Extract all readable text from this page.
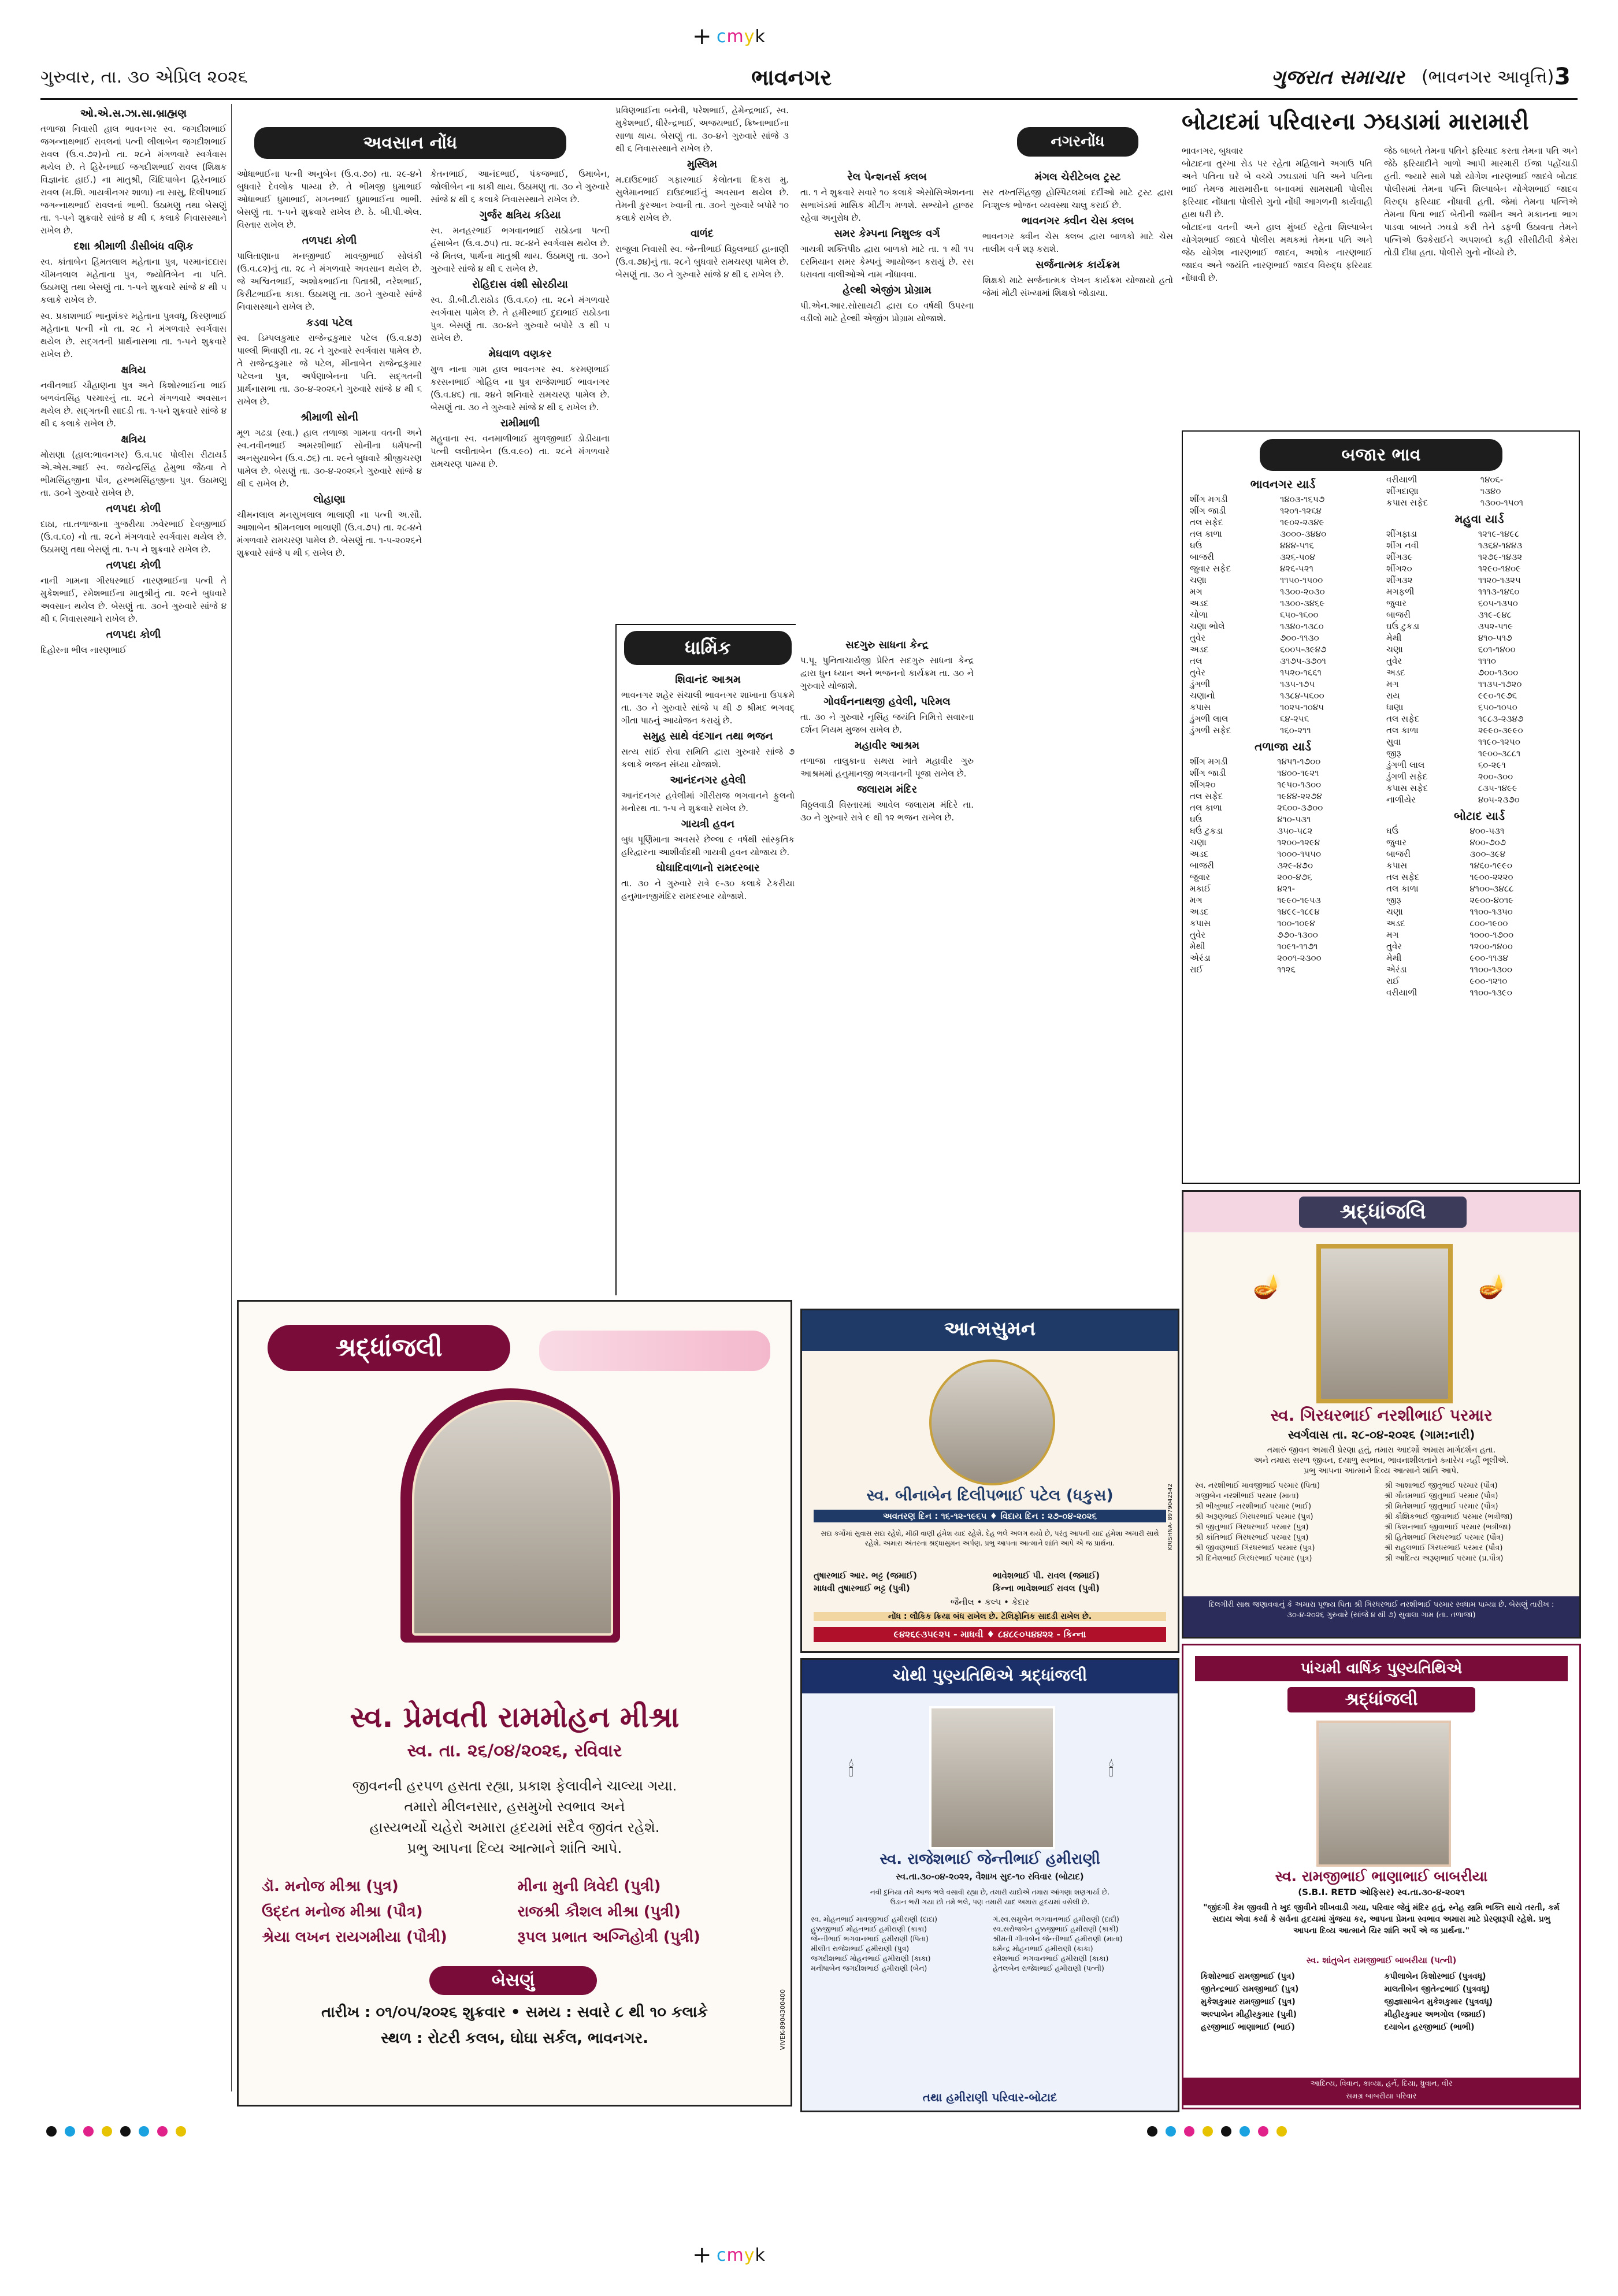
+ cmyk
ગુરુવાર, તા. ૩૦ એપ્રિલ ૨૦૨૬	ભાવનગર	ગુજરાત સમાચાર (ભાવનગર આવૃત્તિ) 3
ઓ.એ.સ.ઝા.સા.બ્રાહ્મણ

તળાજા નિવાસી હાલ ભાવનગર સ્વ. જગદીશભાઈ જગન્નાથભાઈ રાવલનાં પત્ની લીલાબેન જગદીશભાઈ રાવલ (ઉ.વ.૭૨)નો તા. ૨૮ને મંગળવારે સ્વર્ગવાસ થયેલ છે. તે હિરેનભાઈ જગદીશભાઈ રાવલ (શિક્ષક વિજ્ઞાનંદ હાઈ.) ના માતુશ્રી, ચિંદિપાબેન હિરેનભાઈ રાવલ (મ.શિ. ગાયત્રીનગર શાળા) ના સાસુ, દિલીપભાઈ જગન્નાથભાઈ રાવલનાં ભાભી. ઉઠામણુ તથા બેસણું તા. ૧-૫ને શુક્રવારે સાંજે ૪ થી ૬ કલાકે નિવાસસ્થાને રાખેલ છે.

દશા શ્રીમાળી ડીસીબંધ વણિક

સ્વ. કાંતાબેન હિંમતલાલ મહેતાના પુત્ર, પરમાનંદદાસ ચીમનલાલ મહેતાના પુત્ર, જ્યોતિબેન ના પતિ. ઉઠામણુ તથા બેસણું તા. ૧-૫ને શુક્રવારે સાંજે ૪ થી ૫ કલાકે રાખેલ છે.

સ્વ. પ્રકાશભાઈ ભાનુશંકર મહેતાના પુત્રવધૂ, કિરણભાઈ મહેતાના પત્ની નો તા. ૨૮ ને મંગળવારે સ્વર્ગવાસ થયેલ છે. સદ્ગતની પ્રાર્થનાસભા તા. ૧-૫ને શુક્રવારે રાખેલ છે.

ક્ષત્રિય

નવીનભાઈ ચૌહાણના પુત્ર અને કિશોરભાઈના ભાઈ બળવંતસિંહ પરમારનું તા. ૨૮ને મંગળવારે અવસાન થયેલ છે. સદ્ગતની સાદડી તા. ૧-૫ને શુક્રવારે સાંજે ૪ થી ૬ કલાકે રાખેલ છે.

ક્ષત્રિય

મોરાણા (હાલ:ભાવનગર) ઉ.વ.૫૯ પોલીસ રીટાયર્ડ એ.એસ.આઈ સ્વ. જયેન્દ્રસિંહ હેમુભા જૈઠવા તે ભીમસિંહજીના પૌત્ર, હરભમસિંહજીના પુત્ર. ઉઠામણુ તા. ૩૦ને ગુરુવારે રાખેલ છે.

તળપદા કોળી

દાઠા, તા.તળાજાના ગુજરીયા ઝવેરભાઈ દેવજીભાઈ (ઉ.વ.૬૦) નો તા. ૨૮ને મંગળવારે સ્વર્ગવાસ થયેલ છે. ઉઠામણુ તથા બેસણું તા. ૧-૫ ને શુક્રવારે રાખેલ છે.

તળપદા કોળી

નાની ગામના ગીરધરભાઈ નારણભાઈના પત્ની તે મુકેશભાઈ, રમેશભાઈના માતુશ્રીનું તા. ૨૯ને બુધવારે અવસાન થયેલ છે. બેસણું તા. ૩૦ને ગુરુવારે સાંજે ૪ થી ૬ નિવાસસ્થાને રાખેલ છે.

તળપદા કોળી

દિહોરના ભીલ નારણભાઈ

અવસાન નોંધ

ઓધાભાઈના પત્ની અનુબેન (ઉ.વ.૭૦) તા. ૨૯-૪ને બુધવારે દેવલોક પામ્યા છે. તે ભીમજી ધુમાભાઈ ઓધાભાઈ ધુમાભાઈ, મગનભાઈ ધુમાભાઈના ભાભી. બેસણું તા. ૧-૫ને શુક્રવારે રાખેલ છે. ઠે. બી.પી.એલ. વિસ્તાર રાખેલ છે.

તળપદા કોળી

પાલિતાણાના મનજીભાઈ માવજીભાઈ સોલંકી (ઉ.વ.૮૨)નું તા. ૨૮ ને મંગળવારે અવસાન થયેલ છે. જે અશ્વિનભાઈ, અશોકભાઈના પિતાશ્રી, નરેશભાઈ, કિરીટભાઈના કાકા. ઉઠામણુ તા. ૩૦ને ગુરુવારે સાંજે નિવાસસ્થાને રાખેલ છે.

કડવા પટેલ

સ્વ. ડિમ્પલકુમાર રાજેન્દ્રકુમાર પટેલ (ઉ.વ.૪૭) પાલ્લી ભિવાણી તા. ૨૮ ને ગુરુવારે સ્વર્ગવાસ પામેલ છે. તે રાજેન્દ્રકુમાર જે પટેલ, મીનાબેન રાજેન્દ્રકુમાર પટેલના પુત્ર, અર્પણાબેનના પતિ. સદ્ગતની પ્રાર્થનાસભા તા. ૩૦-૪-૨૦૨૬ને ગુરુવારે સાંજે ૪ થી ૬ રાખેલ છે.

શ્રીમાળી સોની

મૂળ ગઢડા (સ્વા.) હાલ તળાજા ગામના વતની અને સ્વ.નવીનભાઈ અમરશીભાઈ સોનીના ધર્મપત્ની અનસુયાબેન (ઉ.વ.૭૬) તા. ૨૯ને બુધવારે શ્રીજીચરણ પામેલ છે. બેસણું તા. ૩૦-૪-૨૦૨૬ને ગુરુવારે સાંજે ૪ થી ૬ રાખેલ છે.

લોહાણા

ચીમનલાલ મનસુખલાલ ભાલાણી ના પત્ની અ.સૌ. આશાબેન શ્રીમનલાલ ભાલાણી (ઉ.વ.૭૫) તા. ૨૮-૪ને મંગળવારે રામચરણ પામેલ છે. બેસણું તા. ૧-૫-૨૦૨૬ને શુક્રવારે સાંજે ૫ થી ૬ રાખેલ છે.

કેતનભાઈ, આનંદભાઈ, પંકજભાઈ, ઉમાબેન, જોલીબેન ના કાકી થાય. ઉઠામણુ તા. ૩૦ ને ગુરુવારે સાંજે ૪ થી ૬ કલાકે નિવાસસ્થાને રાખેલ છે.

ગુર્જર ક્ષત્રિય કડિયા

સ્વ. મનહરભાઈ ભગવાનભાઈ રાઠોડના પત્ની હંસાબેન (ઉ.વ.૭૫) તા. ૨૮-૪ને સ્વર્ગવાસ થયેલ છે. જે મિતલ, પાર્થના માતુશ્રી થાય. ઉઠામણુ તા. ૩૦ને ગુરુવારે સાંજે ૪ થી ૬ રાખેલ છે.

રોહિદાસ વંશી સોરઠીયા

સ્વ. ડી.બી.ટી.રાઠોડ (ઉ.વ.૬૦) તા. ૨૮ને મંગળવારે સ્વર્ગવાસ પામેલ છે. તે હમીરભાઈ દુદાભાઈ રાઠોડના પુત્ર. બેસણું તા. ૩૦-૪ને ગુરુવારે બપોરે ૩ થી ૫ રાખેલ છે.

મેઘવાળ વણકર

મુળ નાના ગામ હાલ ભાવનગર સ્વ. કરમણભાઈ કરસનભાઈ ગોહિલ ના પુત્ર રાજેશભાઈ ભાવનગર (ઉ.વ.૪૬) તા. ૨૪ને શનિવારે રામચરણ પામેલ છે. બેસણું તા. ૩૦ ને ગુરુવારે સાંજે ૪ થી ૬ રાખેલ છે.

રામીમાળી

મહુવાના સ્વ. વનમાળીભાઈ મુળજીભાઈ ડોડીયાના પત્ની લલીતાબેન (ઉ.વ.૯૦) તા. ૨૮ને મંગળવારે રામચરણ પામ્યા છે.

પ્રવિણભાઈના બનેવી, પરેશભાઈ, હેમેન્દ્રભાઈ, સ્વ. મુકેશભાઈ, ધીરેન્દ્રભાઈ, અજયભાઈ, ક્રિષ્નાભાઈના સાળા થાય. બેસણું તા. ૩૦-૪ને ગુરુવારે સાંજે ૩ થી ૬ નિવાસસ્થાને રાખેલ છે.

મુસ્લિમ

મ.દાઉદભાઈ ગફારભાઈ કેલોતના દિકરા મુ. સુલેમાનભાઈ દાઉદભાઈનું અવસાન થયેલ છે. તેમની કુરઆન ખ્વાની તા. ૩૦ને ગુરુવારે બપોરે ૧૦ કલાકે રાખેલ છે.

વાળંદ

રાજુલા નિવાસી સ્વ. જેન્તીભાઈ વિઠ્ઠલભાઈ હાનાણી (ઉ.વ.૭૪)નું તા. ૨૮ને બુધવારે રામચરણ પામેલ છે. બેસણું તા. ૩૦ ને ગુરુવારે સાંજે ૪ થી ૬ રાખેલ છે.

નગરનોંધ
રેલ પેન્શનર્સ ક્લબ

તા. ૧ ને શુક્રવારે સવારે ૧૦ કલાકે એસોસિએશનના સભાખંડમાં માસિક મીટીંગ મળશે. સભ્યોને હાજર રહેવા અનુરોધ છે.

સમર કેમ્પના નિશુલ્ક વર્ગ

ગાયત્રી શક્તિપીઠ દ્વારા બાળકો માટે તા. ૧ થી ૧૫ દરમિયાન સમર કેમ્પનું આયોજન કરાયું છે. રસ ધરાવતા વાલીઓએ નામ નોંધાવવા.

હેલ્થી એજીંગ પ્રોગ્રામ

પી.એન.આર.સોસાયટી દ્વારા ૬૦ વર્ષથી ઉપરના વડીલો માટે હેલ્થી એજીંગ પ્રોગ્રામ યોજાશે.

મંગલ ચેરીટેબલ ટ્રસ્ટ

સર તખ્તસિંહજી હોસ્પિટલમાં દર્દીઓ માટે ટ્રસ્ટ દ્વારા નિઃશુલ્ક ભોજન વ્યવસ્થા ચાલુ કરાઈ છે.

ભાવનગર ક્વીન ચેસ ક્લબ

ભાવનગર ક્વીન ચેસ ક્લબ દ્વારા બાળકો માટે ચેસ તાલીમ વર્ગ શરૂ કરાશે.

સર્જનાત્મક કાર્યક્રમ

શિક્ષકો માટે સર્જનાત્મક લેખન કાર્યક્રમ યોજાયો હતો જેમાં મોટી સંખ્યામાં શિક્ષકો જોડાયા.

ધાર્મિક
શિવાનંદ આશ્રમ

ભાવનગર શહેર સંચાલી ભાવનગર શાખાના ઉપક્રમે તા. ૩૦ ને ગુરુવારે સાંજે ૫ થી ૭ શ્રીમદ ભગવદ્ ગીતા પાઠનું આયોજન કરાયું છે.

સમુહ સાથે વંદગાન તથા ભજન

સત્ય સાંઈ સેવા સમિતિ દ્વારા ગુરુવારે સાંજે ૭ કલાકે ભજન સંધ્યા યોજાશે.

આનંદનગર હવેલી

આનંદનગર હવેલીમાં ગીરીરાજ ભગવાનને ફુલનો મનોરથ તા. ૧-૫ ને શુક્રવારે રાખેલ છે.

ગાયત્રી હવન

બુધ પૂર્ણિમાના અવસરે છેલ્લા ૯ વર્ષથી સાંસ્કૃતિક હરિદ્વારના આશીર્વાદથી ગાયત્રી હવન યોજાય છે.

ઘોઘાદિવાળાનો રામદરબાર

તા. ૩૦ ને ગુરુવારે રાત્રે ૯-૩૦ કલાકે ટેકરીયા હનુમાનજીમંદિર રામદરબાર યોજાશે.

સદગુરુ સાધના કેન્દ્ર

પ.પૂ. પુનિતાચાર્યજી પ્રેરિત સદગુરુ સાધના કેન્દ્ર દ્વારા ધુન ધ્યાન અને ભજનનો કાર્યક્રમ તા. ૩૦ ને ગુરુવારે યોજાશે.

ગોવર્ધનનાથજી હવેલી, પરિમલ

તા. ૩૦ ને ગુરુવારે નૃસિંહ જયંતિ નિમિત્તે સવારના દર્શન નિયમ મુજબ રાખેલ છે.

મહાવીર આશ્રમ

તળાજા તાલુકાના સથરા ખાતે મહાવીર ગુરુ આશ્રમમાં હનુમાનજી ભગવાનની પૂજા રાખેલ છે.

જલારામ મંદિર

વિઠ્ઠલવાડી વિસ્તારમાં આવેલ જલારામ મંદિરે તા. ૩૦ ને ગુરુવારે રાત્રે ૯ થી ૧૨ ભજન રાખેલ છે.

બોટાદમાં પરિવારના ઝઘડામાં મારામારી
ભાવનગર, બુધવાર
બોટાદના તુરખા રોડ પર રહેતા મહિલાને અગાઉ પતિ અને પતિના ઘરે બે વચ્ચે ઝઘડામાં પતિ અને પતિના ભાઈ તેમજ મારામારીના બનાવમાં સામસામી પોલીસ ફરિયાદ નોંધાતા પોલીસે ગુનો નોંધી આગળની કાર્યવાહી હાથ ધરી છે.
બોટાદના વતની અને હાલ મુંબઈ રહેતા શિલ્પાબેન યોગેશભાઈ જાદવે પોલીસ મથકમાં તેમના પતિ અને જેઠ યોગેશ નારણભાઈ જાદવ, અશોક નારણભાઈ જાદવ અને જયંતિ નારણભાઈ જાદવ વિરુદ્ધ ફરિયાદ નોંધાવી છે.
જેઠ બાબતે તેમના પતિને ફરિયાદ કરતા તેમના પતિ અને જેઠે ફરિયાદીને ગાળો આપી મારમારી ઈજા પહોંચાડી હતી. જ્યારે સામે પક્ષે યોગેશ નારણભાઈ જાદવે બોટાદ પોલીસમાં તેમના પત્નિ શિલ્પાબેન યોગેશભાઈ જાદવ વિરુદ્ધ ફરિયાદ નોંધાવી હતી. જેમાં તેમના પત્નિએ તેમના પિતા ભાઈ બેતીની જમીન અને મકાનના ભાગ પાડવા બાબતે ઝઘડો કરી તેને ડફળી ઉઠાવતા તેમને પત્નિએ ઉશ્કેરાઈને અપશબ્દો કહી સીસીટીવી કેમેરા તોડી દીધા હતા. પોલીસે ગુનો નોંધ્યો છે.
બજાર ભાવ
ભાવનગર યાર્ડ
શીંગ મગડી	૧૪૦૩-૧૬૫૭
શીંગ જાડી	૧૨૦૧-૧૨૬૪
તલ સફેદ	૧૯૦૨-૨૩૪૯
તલ કાળા	૩૦૦૦-૩૪૪૦
ઘઉં	૪૪૪-૫૧૬
બાજરી	૩૨૬-૫૦૪
જુવાર સફેદ	૪૨૬-૫૨૧
ચણા	૧૧૫૦-૧૫૦૦
મગ	૧૩૦૦-૨૦૩૦
અડદ	૧૩૦૦-૩૪૬૯
ચોળા	૬૫૦-૧૬૦૦
ચણા ભોલે	૧૩૪૦-૧૩૮૦
તુવેર	૭૦૦-૧૧૩૦
અડદ	૬૦૦૫-૩૯૪૭
તલ	૩૧૭૫-૩૭૦૧
તુવેર	૧૫૨૦-૧૬૬૧
ડુંગળી	૧૩૫-૧૭૫
ચણાનો	૧૩૮૪-૫૬૦૦
કપાસ	૧૦૨૫-૧૦૪૫
ડુંગળી લાલ	૬૪-૨૫૬
ડુંગળી સફેદ	૧૬૦-૨૧૧
તળાજા યાર્ડ
શીંગ મગડી	૧૪૫૧-૧૭૦૦
શીંગ જાડી	૧૪૦૦-૧૯૨૧
શીંગ૨૦	૧૯૫૦-૧૩૦૦
તલ સફેદ	૧૯૪૪-૨૨૭૪
તલ કાળા	૨૬૦૦-૩૭૦૦
ઘઉં	૪૧૦-૫૩૧
ઘઉં ટુકડા	૩૫૦-૫૮૨
ચણા	૧૨૦૦-૧૨૯૪
અડદ	૧૦૦૦-૧૫૫૦
બાજરી	૩૨૯-૪૭૦
જુવાર	૨૦૦-૪૭૬
મકાઈ	૪૨૧-
મગ	૧૯૯૦-૧૯૫૩
અડદ	૧૪૯૯-૧૮૯૪
કપાસ	૧૦૦-૧૦૯૪
તુવેર	૭૭૦-૧૩૦૦
મેથી	૧૦૯૧-૧૧૭૧
એરંડા	૨૦૦૧-૨૩૦૦
રાઈ	૧૧૨૬
વરીયાળી	૧૪૦૬-
શીંગદાણા	૧૩૪૦
કપાસ સફેદ	૧૩૦૦-૧૫૦૧
મહુવા યાર્ડ
શીંગફાડા	૧૨૧૯-૧૪૯૮
શીંગ નવી	૧૩૬૪-૧૪૪૩
શીંગ૩૯	૧૨૭૯-૧૪૩૨
શીંગ૨૦	૧૨૯૦-૧૪૦૯
શીંગ૩૨	૧૧૨૦-૧૩૨૫
મગફળી	૧૧૧૩-૧૪૬૦
જુવાર	૬૦૫-૧૩૫૦
બાજરી	૩૧૯-૯૪૮
ઘઉં ટુકડા	૩૫૨-૫૧૯
મેથી	૪૧૦-૫૧૭
ચણા	૬૦૧-૧૪૦૦
તુવેર	૧૧૧૦
અડદ	૭૦૦-૧૩૦૦
મગ	૧૧૩૫-૧૭૨૦
રાય	૯૯૦-૧૯૭૬
ધાણા	૬૫૦-૧૦૫૦
તલ સફેદ	૧૯૮૩-૨૩૪૭
તલ કાળા	૨૯૯૦-૩૯૯૦
સુવા	૧૧૯૦-૧૨૫૦
જીરૂ	૧૯૦૦-૩૮૮૧
ડુંગળી લાલ	૬૦-૨૯૧
ડુંગળી સફેદ	૨૦૦-૩૦૦
કપાસ સફેદ	૮૩૫-૧૪૯૯
નાળીયેર	૪૦૫-૨૩૭૦
બોટાદ યાર્ડ
ઘઉં	૪૦૦-૫૩૧
જુવાર	૪૦૦-૭૦૭
બાજરી	૩૦૦-૩૯૪
કપાસ	૧૪૬૦-૧૯૯૦
તલ સફેદ	૧૯૦૦-૨૨૨૦
તલ કાળા	૪૧૦૦-૩૪૮૮
જીરૂ	૨૯૦૦-૪૦૧૯
ચણા	૧૧૦૦-૧૩૫૦
અડદ	૮૦૦-૧૯૦૦
મગ	૧૦૦૦-૧૭૦૦
તુવેર	૧૨૦૦-૧૪૦૦
મેથી	૯૦૦-૧૧૩૪
એરંડા	૧૧૦૦-૧૩૦૦
રાઈ	૯૦૦-૧૨૧૦
વરીયાળી	૧૧૦૦-૧૩૯૦
શ્રદ્ધાંજલિ
🪔	🪔
સ્વ. ગિરધરભાઈ નરશીભાઈ પરમાર
સ્વર્ગવાસ તા. ૨૮-૦૪-૨૦૨૬ (ગામ:નારી)
તમારું જીવન અમારી પ્રેરણા હતું, તમારા આદર્શો અમારા માર્ગદર્શન હતા.
અને તમારા સરળ જીવન, દયાળુ સ્વભાવ, ભાવનાશીલતાને ક્યારેય નહીં ભૂલીએ.
પ્રભુ આપના આત્માને દિવ્ય આત્માને શાંતિ આપે.
સ્વ. નરશીભાઈ માવજીભાઈ પરમાર (પિતા)	શ્રી આશાભાઈ જીતુભાઈ પરમાર (પૌત્ર)
ગજીબેન નરશીભાઈ પરમાર (માતા)	શ્રી ગૌતમભાઈ જીતુભાઈ પરમાર (પૌત્ર)
શ્રી ભીખુભાઈ નરશીભાઈ પરમાર (ભાઈ)	શ્રી મિતેશભાઈ જીતુભાઈ પરમાર (પૌત્ર)
શ્રી અરૂણભાઈ ગિરધરભાઈ પરમાર (પુત્ર)	શ્રી કૌશિકભાઈ જીવાભાઈ પરમાર (ભત્રીજા)
શ્રી જીતુભાઈ ગિરધરભાઈ પરમાર (પુત્ર)	શ્રી કિશનભાઈ જીવાભાઈ પરમાર (ભત્રીજા)
શ્રી કાંતિભાઈ ગિરધરભાઈ પરમાર (પુત્ર)	શ્રી હિતેશભાઈ ગિરધરભાઈ પરમાર (પૌત્ર)
શ્રી જીવણભાઈ ગિરધરભાઈ પરમાર (પુત્ર)	શ્રી રાહુલભાઈ ગિરધરભાઈ પરમાર (પૌત્ર)
શ્રી દિનેશભાઈ ગિરધરભાઈ પરમાર (પુત્ર)	શ્રી આદિત્ય અરૂણભાઈ પરમાર (પ્ર.પૌત્ર)
દિલગીરી સાથ જણાવવાનું કે અમારા પૂજ્ય પિતા શ્રી ગિરધરભાઈ નરશીભાઈ પરમાર સ્વધામ પામ્યા છે. બેસણું તારીખ : ૩૦-૪-૨૦૨૬ ગુરુવારે (સાંજે ૪ થી ૭) સુવાલા ગામ (તા. તળાજા)
શ્રદ્ધાંજલી
સ્વ. પ્રેમવતી રામમોહન મીશ્રા
સ્વ. તા. ૨૬/૦૪/૨૦૨૬, રવિવાર
જીવનની હરપળ હસતા રહ્યા, પ્રકાશ ફેલાવીને ચાલ્યા ગયા.
તમારો મીલનસાર, હસમુખો સ્વભાવ અને
હાસ્યભર્યો ચહેરો અમારા હૃદયમાં સદૈવ જીવંત રહેશે.
પ્રભુ આપના દિવ્ય આત્માને શાંતિ આપે.
ડૉ. મનોજ મીશ્રા (પુત્ર)	મીના મુની ત્રિવેદી (પુત્રી)
ઉદ્દત મનોજ મીશ્રા (પૌત્ર)	રાજશ્રી કૌશલ મીશ્રા (પુત્રી)
શ્રેયા લખન રાયગમીયા (પૌત્રી)	રૂપલ પ્રભાત અગ્નિહોત્રી (પુત્રી)
બેસણું
તારીખ : ૦૧/૦૫/૨૦૨૬ શુક્રવાર • સમય : સવારે ૮ થી ૧૦ કલાકે
સ્થળ : રોટરી કલબ, ઘોઘા સર્કલ, ભાવનગર.	VIVEK-8904300400
આત્મસુમન
સ્વ. બીનાબેન દિલીપભાઈ પટેલ (ધકુસ)
અવતરણ દિન : ૧૬-૧૨-૧૯૬૫ ♦ વિદાય દિન : ૨૭-૦૪-૨૦૨૬
સદા કર્મોમાં સુવાસ સદા રહેશે, મીઠી વાણી હંમેશ યાદ રહેશે. દેહ ભલે અલગ થયો છે, પરંતુ આપની યાદ હંમેશા અમારી સાથે રહેશે. અમારા અંતરના શ્રદ્ધાસુમન અર્પણ. પ્રભુ આપના આત્માને શાંતિ આપે એ જ પ્રાર્થના.
તુષારભાઈ આર. ભટ્ટ (જમાઈ)	ભાવેશભાઈ પી. રાવલ (જમાઈ)
માધવી તુષારભાઈ ભટ્ટ (પુત્રી)	કિન્ના ભાવેશભાઈ રાવલ (પુત્રી)
જૈનીલ • કલ્પ • કેદાર
નોંધ : લૌકિક ક્રિયા બંધ રાખેલ છે. ટેલિફોનિક સાદડી રાખેલ છે.
૯૪૨૬૯૩૫૯૨૫ - માધવી ♦ ૮૪૮૯૦૫૪૪૨૨ - કિન્ના
KRISHNA- 8979042542
ચોથી પુણ્યતિથિએ શ્રદ્ધાંજલી
🕯	🕯
સ્વ. રાજેશભાઈ જેન્તીભાઈ હમીરાણી
સ્વ.તા.૩૦-૦૪-૨૦૨૨, વૈશાખ સુદ-૧૦ રવિવાર (બોટાદ)
નવી દુનિયા તમે આજ ભલે વસાવી રહ્યા છે, તમારી યાદોએ તમારા આંગણા શણગાર્યા છે.
ઉડાન ભરી ગયા છો તમે ભલે, પણ તમારી યાદ અમારા હૃદયમાં વસેલી છે.
સ્વ. મોહનભાઈ માવજીભાઈ હમીરાણી (દાદા)	ગં.સ્વ.સમુબેન ભગવાનભાઈ હમીરાણી (દાદી)
હુક્કજીભાઈ મોહનભાઈ હમીરાણી (કાકા)	સ્વ.સરોજબેન હુક્કજીભાઈ હમીરાણી (કાકી)
જેન્તીભાઈ ભગવાનભાઈ હમીરાણી (પિતા)	શ્રીમતી ગીતાબેન જેન્તીભાઈ હમીરાણી (માતા)
મીલીત રાજેશભાઈ હમીરાણી (પુત્ર)	ધર્મેન્દ્ર મોહનભાઈ હમીરાણી (કાકા)
જગદીશભાઈ મોહનભાઈ હમીરાણી (કાકા)	રમેશભાઈ ભગવાનભાઈ હમીરાણી (કાકા)
મનીષાબેન જગદીશભાઈ હમીરાણી (બેન)	હેતલબેન રાજેશભાઈ હમીરાણી (પત્ની)
તથા હમીરાણી પરિવાર-બોટાદ
પાંચમી વાર્ષિક પુણ્યતિથિએ
શ્રદ્ધાંજલી
સ્વ. રામજીભાઈ ભાણાભાઈ બાબરીયા
(S.B.I. RETD ઓફિસર) સ્વ.તા.૩૦-૪-૨૦૨૧
"જીંદગી કેમ જીવવી તે ખુદ જીવીને શીખવાડી ગયા, પરિવાર જેવું મંદિર હતું, સ્નેહ સ્ત્રમિ ભક્તિ સાચે તરતી, કર્મ સદાય એવા કર્યા કે સર્વના હૃદયમાં ગુંજયા કર, આપના પ્રેમના સ્વભાવ અમારા માટે પ્રેરણારૂપી રહેશે. પ્રભુ આપના દિવ્ય આત્માને ચિર શાંતિ અર્પે એ જ પ્રાર્થના."
સ્વ. શાંતુબેન રામજીભાઈ બાબરીયા (પત્ની)
કિશોરભાઈ રામજીભાઈ (પુત્ર)	કપીલાબેન કિશોરભાઈ (પુત્રવધૂ)
જીતેન્દ્રભાઈ રામજીભાઈ (પુત્ર)	માલતીબેન જીતેન્દ્રભાઈ (પુત્રવધૂ)
મુકેશકુમાર રામજીભાઈ (પુત્ર)	જીજ્ઞાસાબેન મુકેશકુમાર (પુત્રવધૂ)
અલ્પાબેન મીહીરકુમાર (પુત્રી)	મીહીરકુમાર અભગોલ (જમાઈ)
હરજીભાઈ ભાણાભાઈ (ભાઈ)	દયાબેન હરજીભાઈ (ભાભી)
આદિત્ય, વિવાન, કાવ્યા, હર્ન, દિયા, ધ્રુવાન, વીર
સમગ્ર બાબરીયા પરિવાર
+ cmyk
